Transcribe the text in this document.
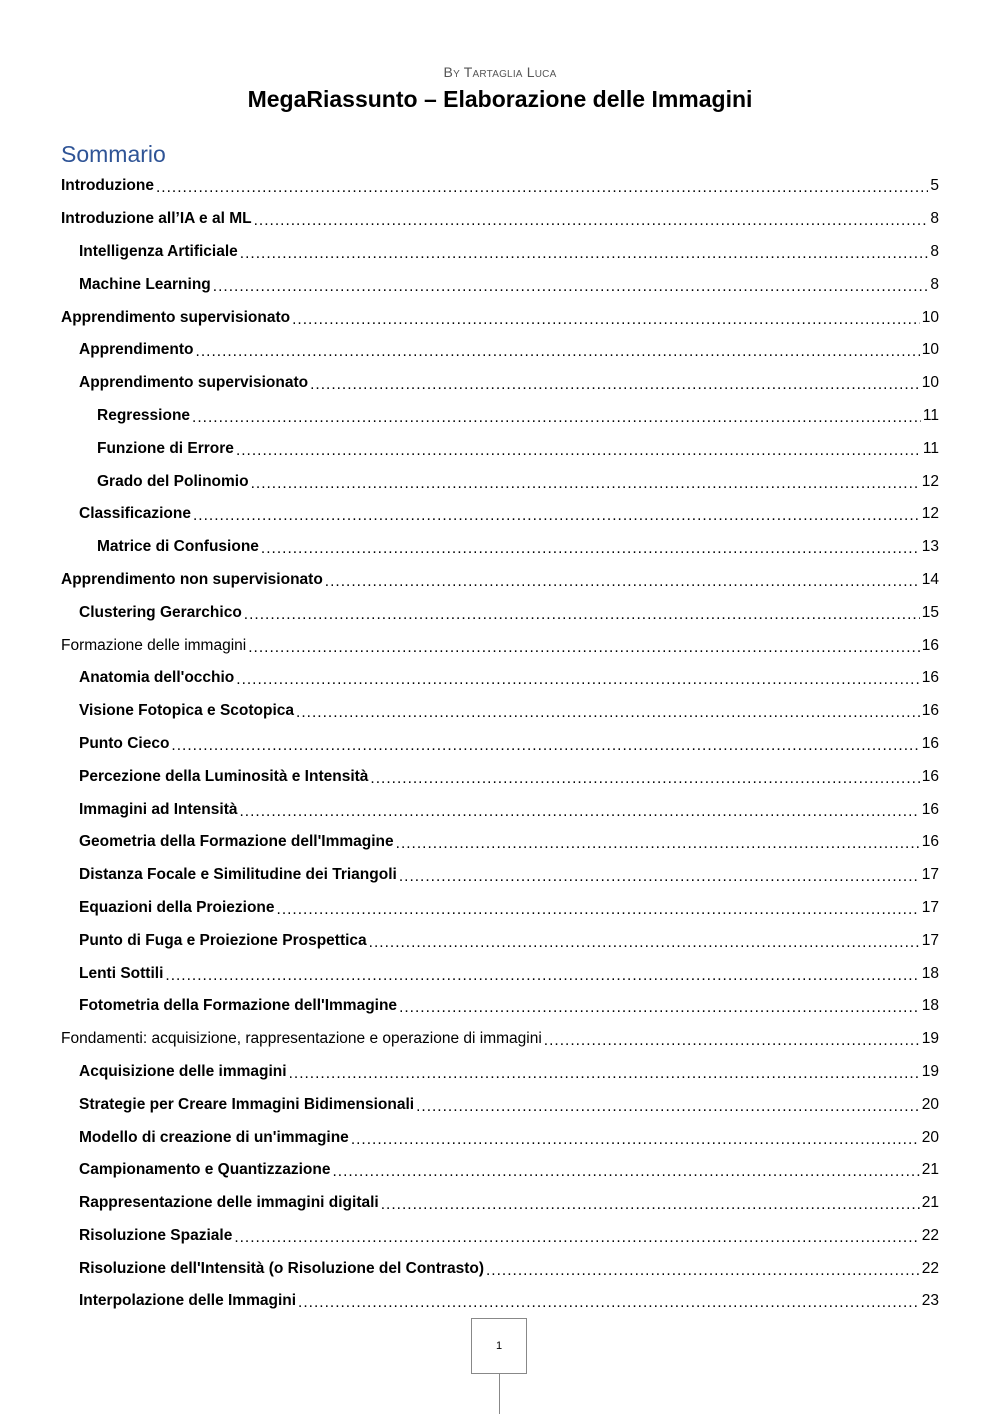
By Tartaglia Luca
MegaRiassunto – Elaborazione delle Immagini
Sommario
Introduzione .....	5
Introduzione all’IA e al ML .....	8
Intelligenza Artificiale .....	8
Machine Learning .....	8
Apprendimento supervisionato .....	10
Apprendimento .....	10
Apprendimento supervisionato .....	10
Regressione .....	11
Funzione di Errore .....	11
Grado del Polinomio .....	12
Classificazione .....	12
Matrice di Confusione .....	13
Apprendimento non supervisionato .....	14
Clustering Gerarchico .....	15
Formazione delle immagini .....	16
Anatomia dell'occhio .....	16
Visione Fotopica e Scotopica .....	16
Punto Cieco .....	16
Percezione della Luminosità e Intensità .....	16
Immagini ad Intensità .....	16
Geometria della Formazione dell'Immagine .....	16
Distanza Focale e Similitudine dei Triangoli .....	17
Equazioni della Proiezione .....	17
Punto di Fuga e Proiezione Prospettica .....	17
Lenti Sottili .....	18
Fotometria della Formazione dell'Immagine .....	18
Fondamenti: acquisizione, rappresentazione e operazione di immagini .....	19
Acquisizione delle immagini .....	19
Strategie per Creare Immagini Bidimensionali .....	20
Modello di creazione di un'immagine .....	20
Campionamento e Quantizzazione .....	21
Rappresentazione delle immagini digitali .....	21
Risoluzione Spaziale .....	22
Risoluzione dell'Intensità (o Risoluzione del Contrasto) .....	22
Interpolazione delle Immagini .....	23
1
